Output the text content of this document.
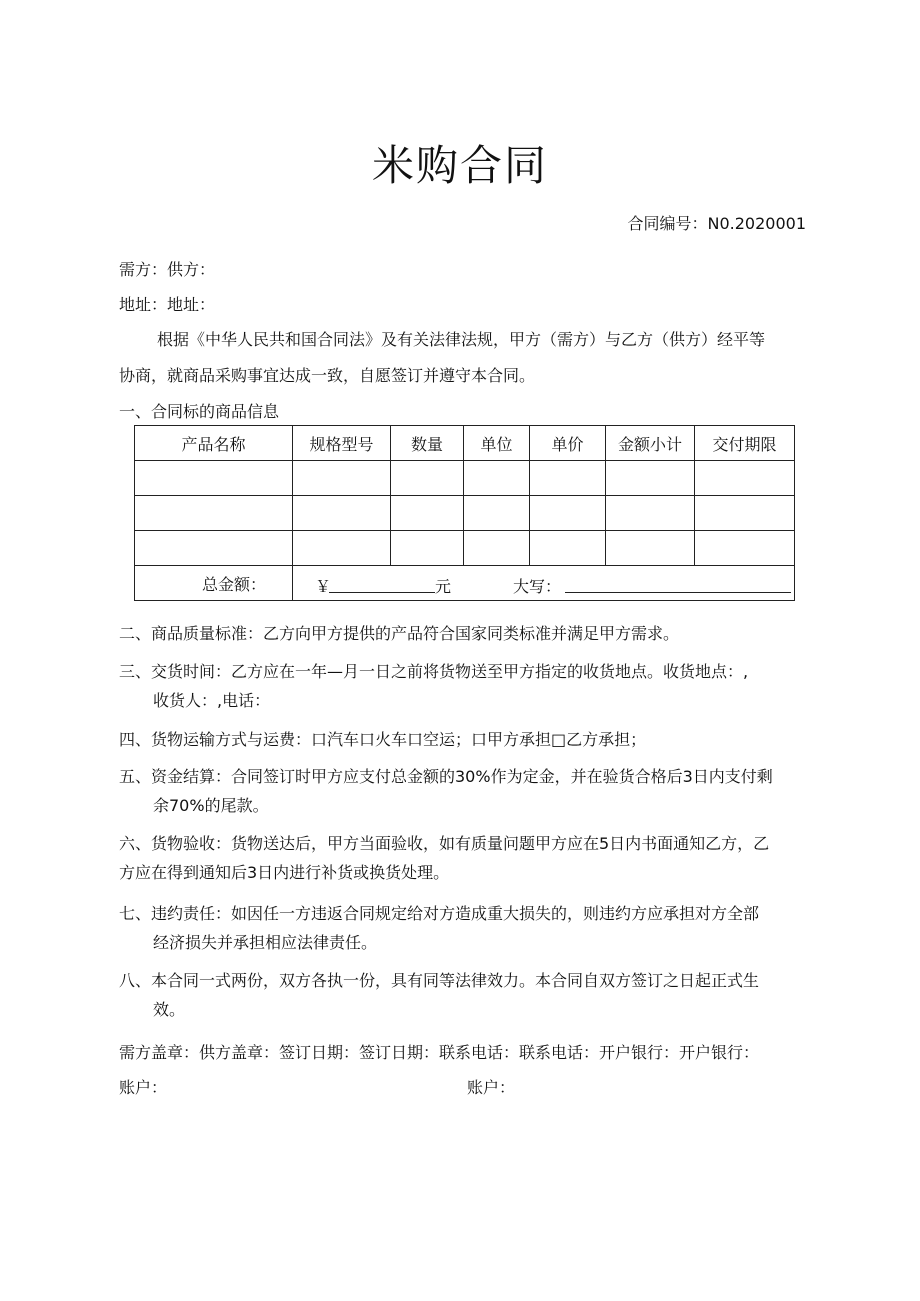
米购合同
合同编号：N0.2020001
需方：供方：
地址：地址：
根据《中华人民共和国合同法》及有关法律法规，甲方（需方）与乙方（供方）经平等
协商，就商品采购事宜达成一致，自愿签订并遵守本合同。
一、合同标的商品信息
产品名称	规格型号	数量	单位	单价	金额小计	交付期限

总金额：	￥ 元 大写：					
二、商品质量标准：乙方向甲方提供的产品符合国家同类标准并满足甲方需求。
三、交货时间：乙方应在一年—月一日之前将货物送至甲方指定的收货地点。收货地点：,
收货人：,电话：
四、货物运输方式与运费：口汽车口火车口空运；口甲方承担□乙方承担；
五、资金结算：合同签订时甲方应支付总金额的30%作为定金，并在验货合格后3日内支付剩
余70%的尾款。
六、货物验收：货物送达后，甲方当面验收，如有质量问题甲方应在5日内书面通知乙方，乙
方应在得到通知后3日内进行补货或换货处理。
七、违约责任：如因任一方违返合同规定给对方造成重大损失的，则违约方应承担对方全部
经济损失并承担相应法律责任。
八、本合同一式两份，双方各执一份，具有同等法律效力。本合同自双方签订之日起正式生
效。
需方盖章：供方盖章：签订日期：签订日期：联系电话：联系电话：开户银行：开户银行：
账户：	账户：
